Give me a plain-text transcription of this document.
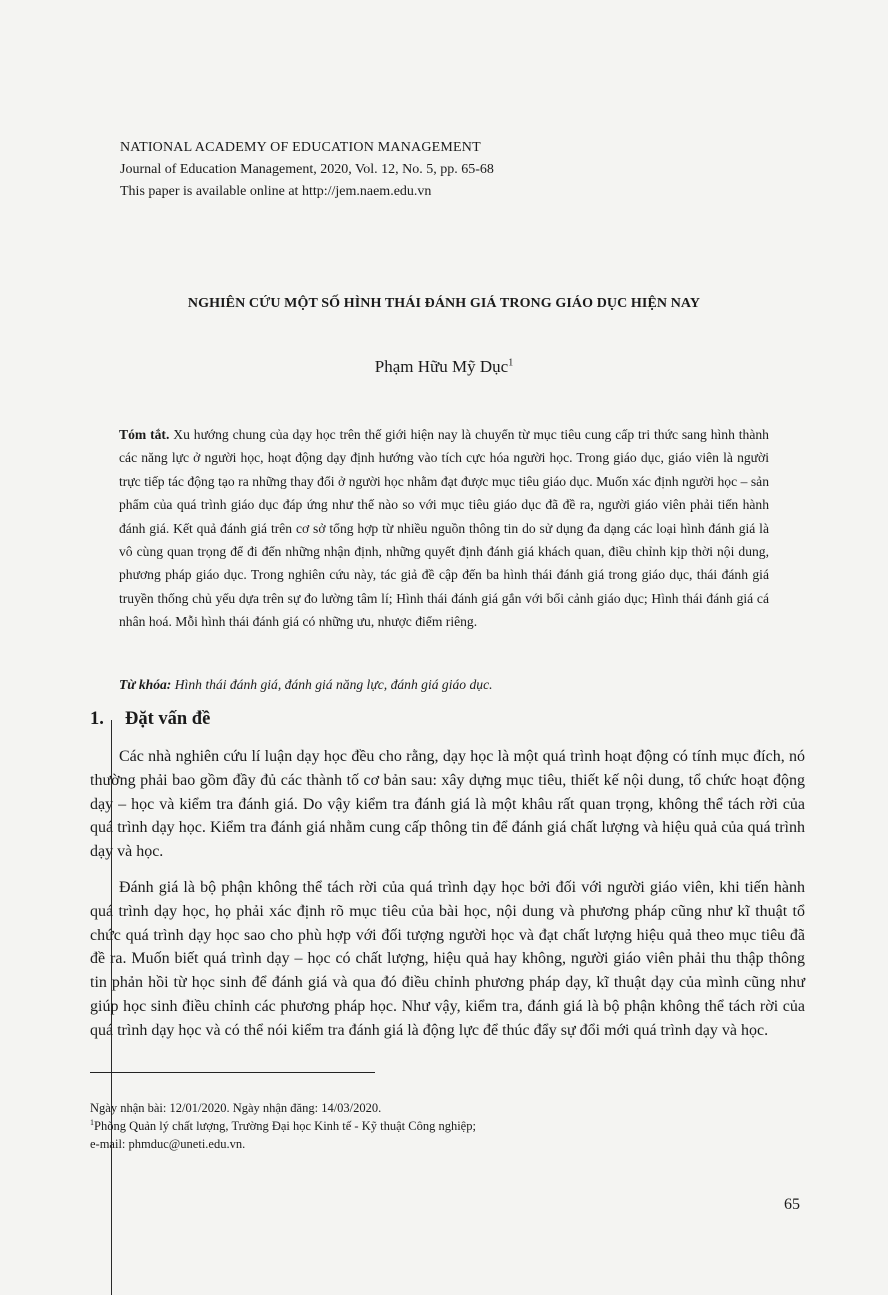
NATIONAL ACADEMY OF EDUCATION MANAGEMENT
Journal of Education Management, 2020, Vol. 12, No. 5, pp. 65-68
This paper is available online at http://jem.naem.edu.vn
NGHIÊN CỨU MỘT SỐ HÌNH THÁI ĐÁNH GIÁ TRONG GIÁO DỤC HIỆN NAY
Phạm Hữu Mỹ Dục$^1$
Tóm tắt. Xu hướng chung của dạy học trên thế giới hiện nay là chuyển từ mục tiêu cung cấp tri thức sang hình thành các năng lực ở người học, hoạt động dạy định hướng vào tích cực hóa người học. Trong giáo dục, giáo viên là người trực tiếp tác động tạo ra những thay đổi ở người học nhằm đạt được mục tiêu giáo dục. Muốn xác định người học – sản phẩm của quá trình giáo dục đáp ứng như thế nào so với mục tiêu giáo dục đã đề ra, người giáo viên phải tiến hành đánh giá. Kết quả đánh giá trên cơ sở tổng hợp từ nhiều nguồn thông tin do sử dụng đa dạng các loại hình đánh giá là vô cùng quan trọng để đi đến những nhận định, những quyết định đánh giá khách quan, điều chỉnh kịp thời nội dung, phương pháp giáo dục. Trong nghiên cứu này, tác giả đề cập đến ba hình thái đánh giá trong giáo dục, thái đánh giá truyền thống chủ yếu dựa trên sự đo lường tâm lí; Hình thái đánh giá gắn với bối cảnh giáo dục; Hình thái đánh giá cá nhân hoá. Mỗi hình thái đánh giá có những ưu, nhược điểm riêng.
Từ khóa: Hình thái đánh giá, đánh giá năng lực, đánh giá giáo dục.
1. Đặt vấn đề

Các nhà nghiên cứu lí luận dạy học đều cho rằng, dạy học là một quá trình hoạt động có tính mục đích, nó thường phải bao gồm đầy đủ các thành tố cơ bản sau: xây dựng mục tiêu, thiết kế nội dung, tổ chức hoạt động dạy – học và kiểm tra đánh giá. Do vậy kiểm tra đánh giá là một khâu rất quan trọng, không thể tách rời của quá trình dạy học. Kiểm tra đánh giá nhằm cung cấp thông tin để đánh giá chất lượng và hiệu quả của quá trình dạy và học.

Đánh giá là bộ phận không thể tách rời của quá trình dạy học bởi đối với người giáo viên, khi tiến hành quá trình dạy học, họ phải xác định rõ mục tiêu của bài học, nội dung và phương pháp cũng như kĩ thuật tổ chức quá trình dạy học sao cho phù hợp với đối tượng người học và đạt chất lượng hiệu quả theo mục tiêu đã đề ra. Muốn biết quá trình dạy – học có chất lượng, hiệu quả hay không, người giáo viên phải thu thập thông tin phản hồi từ học sinh để đánh giá và qua đó điều chỉnh phương pháp dạy, kĩ thuật dạy của mình cũng như giúp học sinh điều chỉnh các phương pháp học. Như vậy, kiểm tra, đánh giá là bộ phận không thể tách rời của quá trình dạy học và có thể nói kiểm tra đánh giá là động lực để thúc đẩy sự đổi mới quá trình dạy và học.

Ngày nhận bài: 12/01/2020. Ngày nhận đăng: 14/03/2020.
$^1$Phòng Quản lý chất lượng, Trường Đại học Kinh tế - Kỹ thuật Công nghiệp;
e-mail: phmduc@uneti.edu.vn.
65
